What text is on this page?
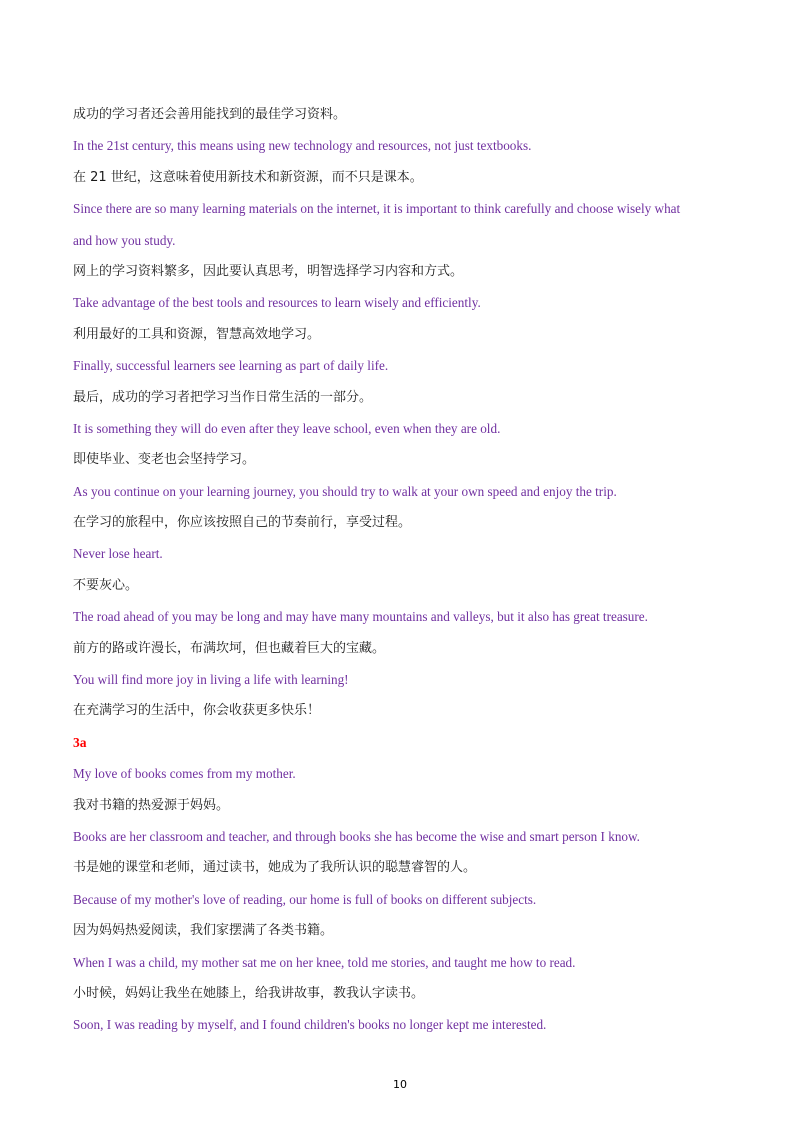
成功的学习者还会善用能找到的最佳学习资料。
In the 21st century, this means using new technology and resources, not just textbooks.
在 21 世纪，这意味着使用新技术和新资源，而不只是课本。
Since there are so many learning materials on the internet, it is important to think carefully and choose wisely what
and how you study.
网上的学习资料繁多，因此要认真思考，明智选择学习内容和方式。
Take advantage of the best tools and resources to learn wisely and efficiently.
利用最好的工具和资源，智慧高效地学习。
Finally, successful learners see learning as part of daily life.
最后，成功的学习者把学习当作日常生活的一部分。
It is something they will do even after they leave school, even when they are old.
即使毕业、变老也会坚持学习。
As you continue on your learning journey, you should try to walk at your own speed and enjoy the trip.
在学习的旅程中，你应该按照自己的节奏前行，享受过程。
Never lose heart.
不要灰心。
The road ahead of you may be long and may have many mountains and valleys, but it also has great treasure.
前方的路或许漫长，布满坎坷，但也藏着巨大的宝藏。
You will find more joy in living a life with learning!
在充满学习的生活中，你会收获更多快乐！
3a
My love of books comes from my mother.
我对书籍的热爱源于妈妈。
Books are her classroom and teacher, and through books she has become the wise and smart person I know.
书是她的课堂和老师，通过读书，她成为了我所认识的聪慧睿智的人。
Because of my mother's love of reading, our home is full of books on different subjects.
因为妈妈热爱阅读，我们家摆满了各类书籍。
When I was a child, my mother sat me on her knee, told me stories, and taught me how to read.
小时候，妈妈让我坐在她膝上，给我讲故事，教我认字读书。
Soon, I was reading by myself, and I found children's books no longer kept me interested.
10
